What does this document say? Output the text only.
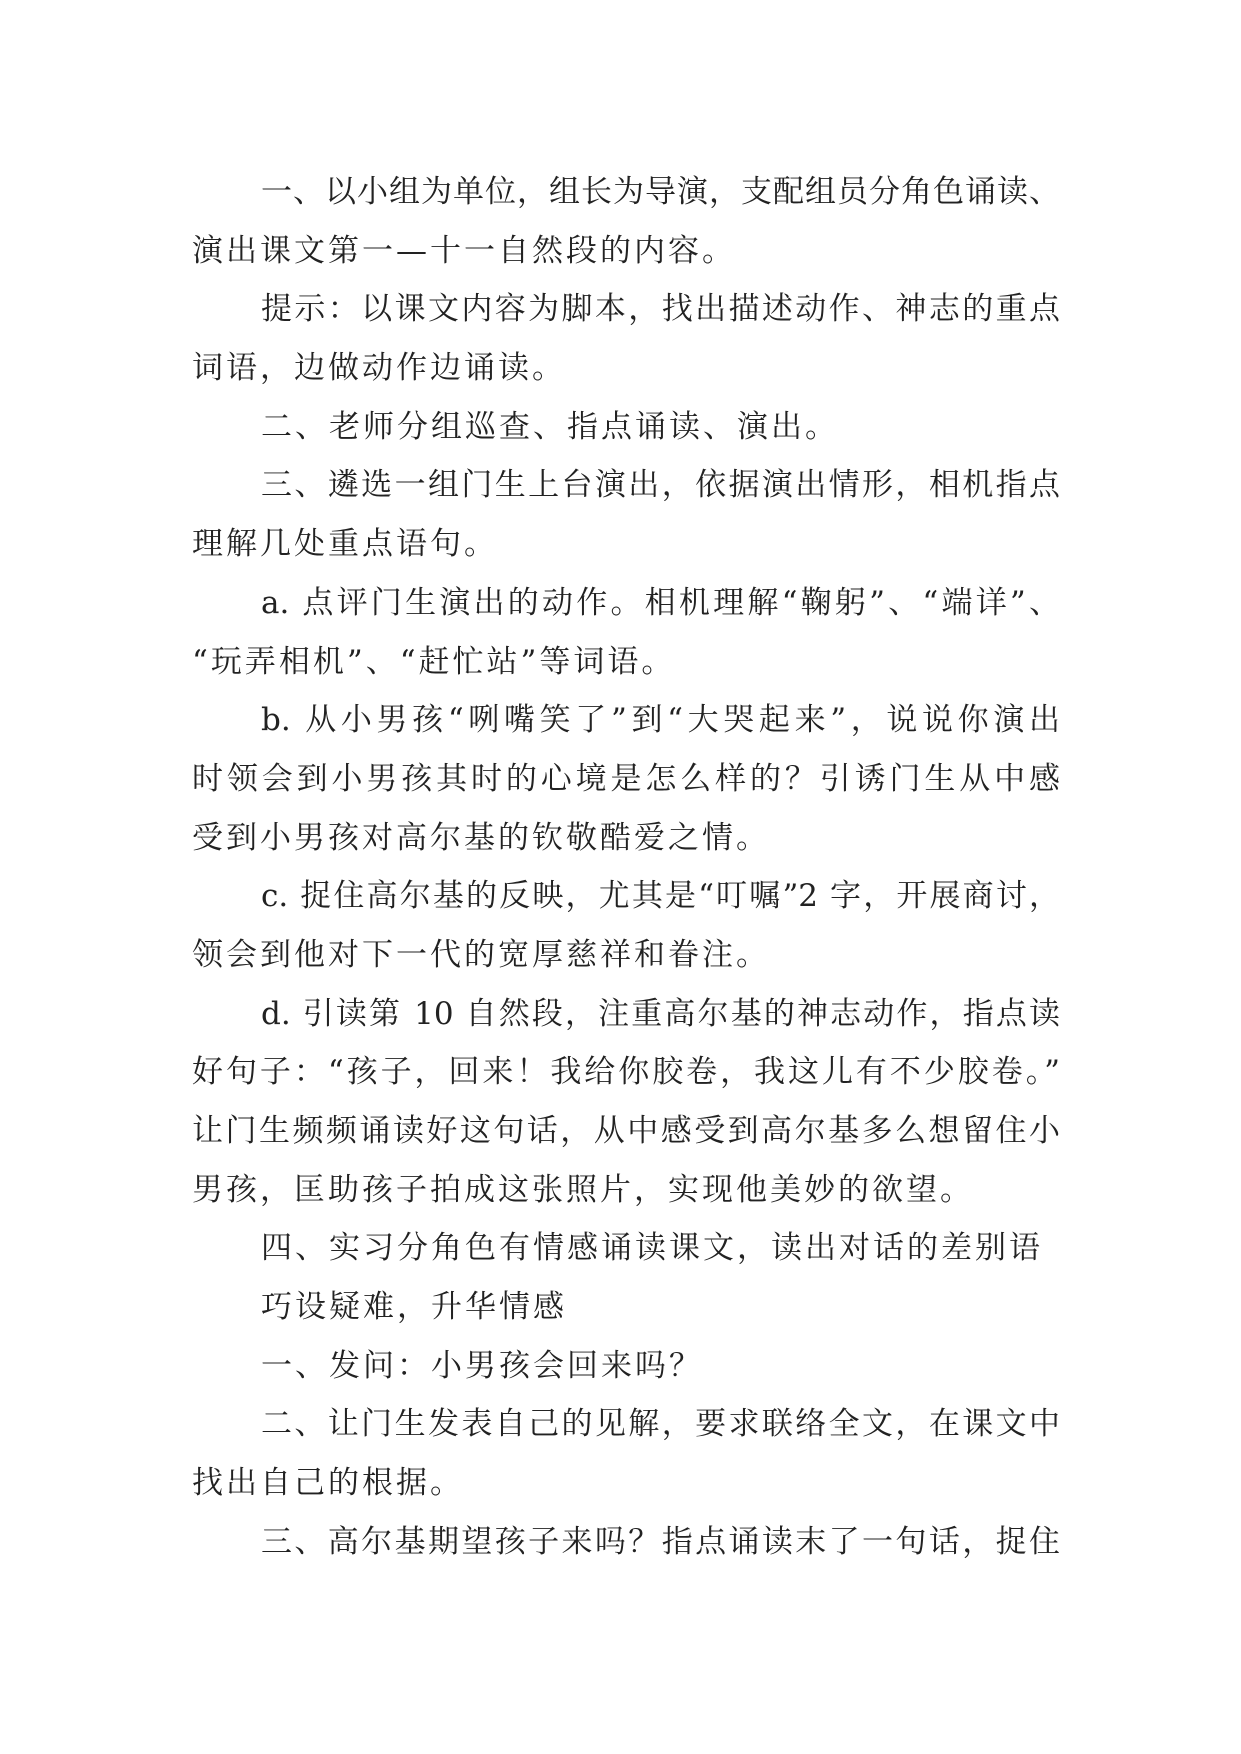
一、以小组为单位，组长为导演，支配组员分角色诵读、
演出课文第一—十一自然段的内容。
提示：以课文内容为脚本，找出描述动作、神志的重点
词语，边做动作边诵读。
二、老师分组巡查、指点诵读、演出。
三、遴选一组门生上台演出，依据演出情形，相机指点
理解几处重点语句。
a. 点评门生演出的动作。相机理解“鞠躬”、“端详”、
“玩弄相机”、“赶忙站”等词语。
b. 从小男孩“咧嘴笑了”到“大哭起来”，说说你演出
时领会到小男孩其时的心境是怎么样的？引诱门生从中感
受到小男孩对高尔基的钦敬酷爱之情。
c. 捉住高尔基的反映，尤其是“叮嘱”2 字，开展商讨，
领会到他对下一代的宽厚慈祥和眷注。
d. 引读第 10 自然段，注重高尔基的神志动作，指点读
好句子：“孩子，回来！我给你胶卷，我这儿有不少胶卷。”
让门生频频诵读好这句话，从中感受到高尔基多么想留住小
男孩，匡助孩子拍成这张照片，实现他美妙的欲望。
四、实习分角色有情感诵读课文，读出对话的差别语
巧设疑难，升华情感
一、发问：小男孩会回来吗？
二、让门生发表自己的见解，要求联络全文，在课文中
找出自己的根据。
三、高尔基期望孩子来吗？指点诵读末了一句话，捉住
